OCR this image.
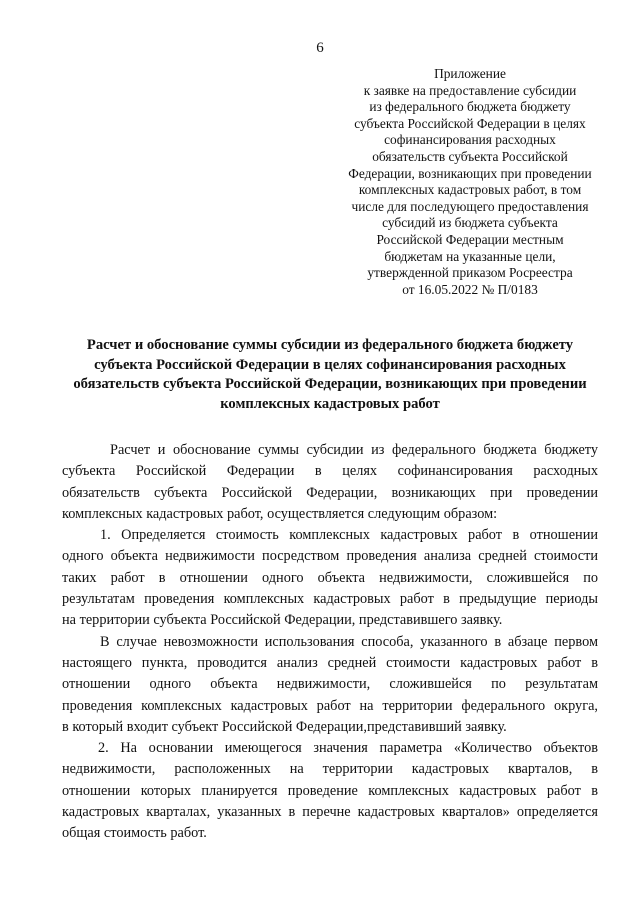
6
Приложение
к заявке на предоставление субсидии
из федерального бюджета бюджету
субъекта Российской Федерации в целях
софинансирования расходных
обязательств субъекта Российской
Федерации, возникающих при проведении
комплексных кадастровых работ, в том
числе для последующего предоставления
субсидий из бюджета субъекта
Российской Федерации местным
бюджетам на указанные цели,
утвержденной приказом Росреестра
от 16.05.2022 № П/0183
Расчет и обоснование суммы субсидии из федерального бюджета бюджету
субъекта Российской Федерации в целях софинансирования расходных
обязательств субъекта Российской Федерации, возникающих при проведении
комплексных кадастровых работ
Расчет и обоснование суммы субсидии из федерального бюджета бюджету
субъекта Российской Федерации в целях софинансирования расходных
обязательств субъекта Российской Федерации, возникающих при проведении
комплексных кадастровых работ, осуществляется следующим образом:
1. Определяется стоимость комплексных кадастровых работ в отношении
одного объекта недвижимости посредством проведения анализа средней стоимости
таких работ в отношении одного объекта недвижимости, сложившейся по
результатам проведения комплексных кадастровых работ в предыдущие периоды
на территории субъекта Российской Федерации, представившего заявку.
В случае невозможности использования способа, указанного в абзаце первом
настоящего пункта, проводится анализ средней стоимости кадастровых работ в
отношении одного объекта недвижимости, сложившейся по результатам
проведения комплексных кадастровых работ на территории федерального округа,
в который входит субъект Российской Федерации,представивший заявку.
2. На основании имеющегося значения параметра «Количество объектов
недвижимости, расположенных на территории кадастровых кварталов, в
отношении которых планируется проведение комплексных кадастровых работ в
кадастровых кварталах, указанных в перечне кадастровых кварталов» определяется
общая стоимость работ.
